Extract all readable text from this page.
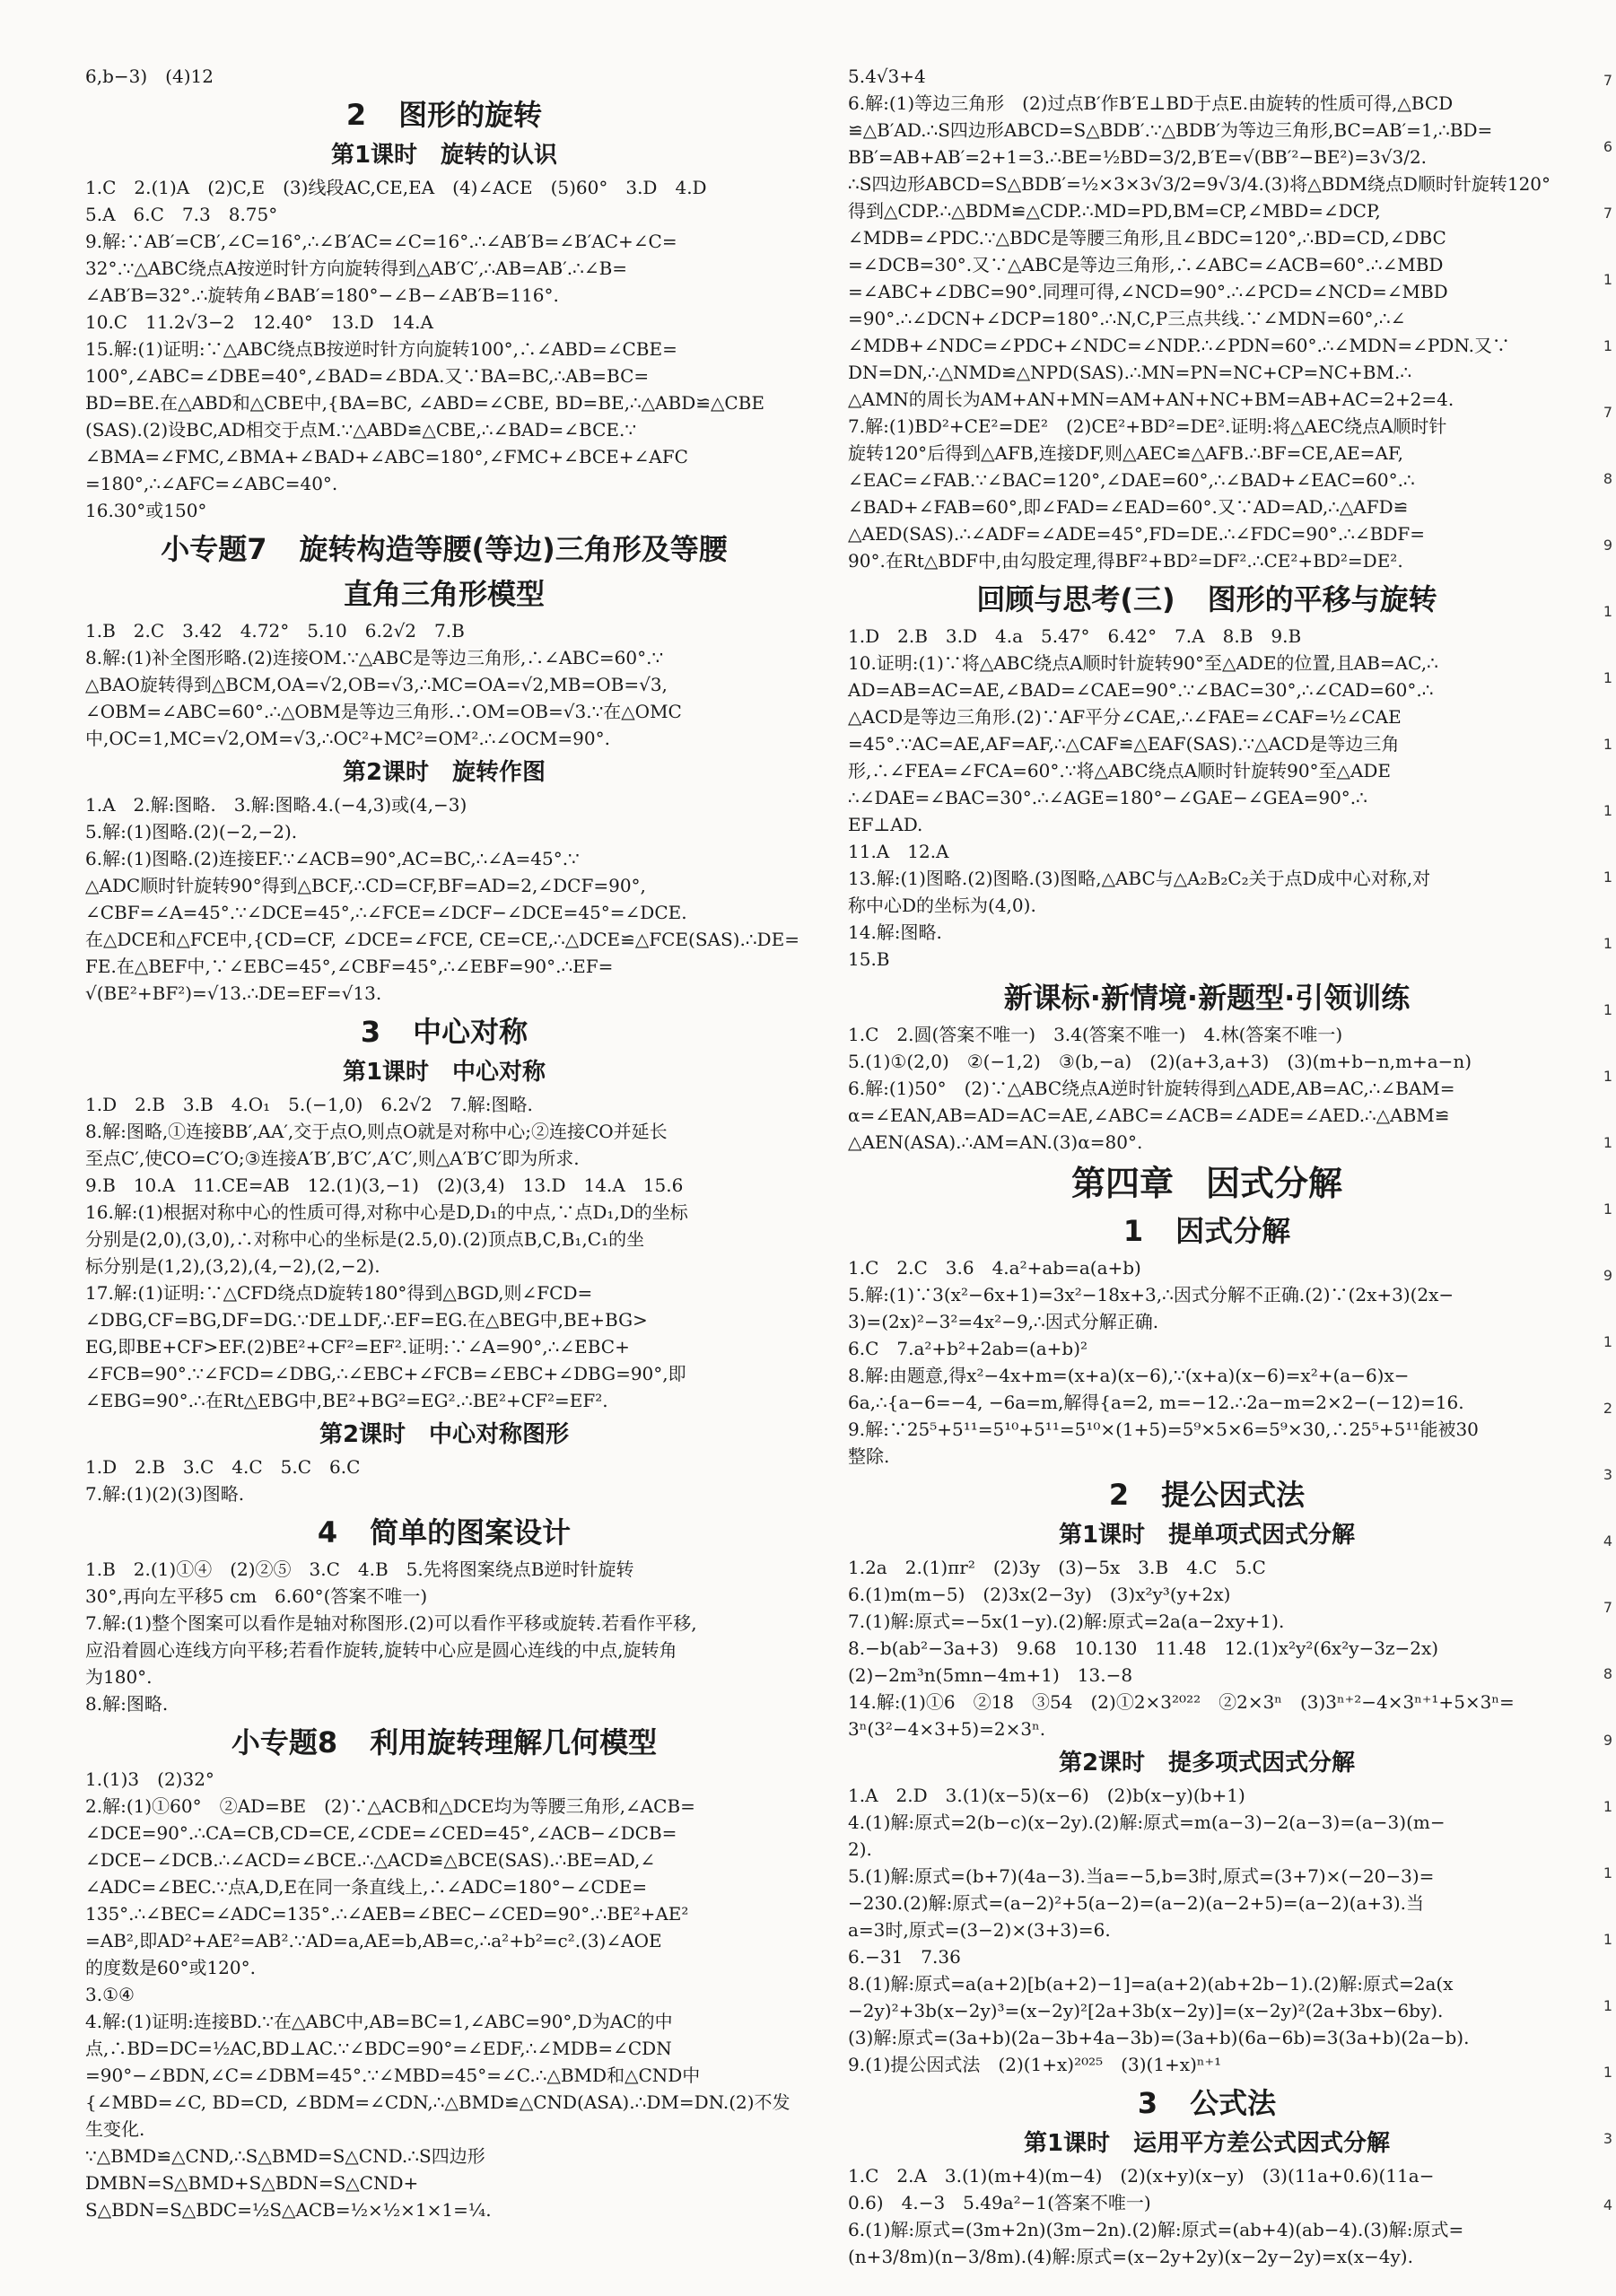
6,b−3)　(4)12

2 图形的旋转
第1课时 旋转的认识

1.C　2.(1)A　(2)C,E　(3)线段AC,CE,EA　(4)∠ACE　(5)60°　3.D　4.D

5.A　6.C　7.3　8.75°

9.解:∵AB′=CB′,∠C=16°,∴∠B′AC=∠C=16°.∴∠AB′B=∠B′AC+∠C=

32°.∵△ABC绕点A按逆时针方向旋转得到△AB′C′,∴AB=AB′.∴∠B=

∠AB′B=32°.∴旋转角∠BAB′=180°−∠B−∠AB′B=116°.

10.C　11.2√3−2　12.40°　13.D　14.A

15.解:(1)证明:∵△ABC绕点B按逆时针方向旋转100°,∴∠ABD=∠CBE=

100°,∠ABC=∠DBE=40°,∠BAD=∠BDA.又∵BA=BC,∴AB=BC=

BD=BE.在△ABD和△CBE中,{BA=BC, ∠ABD=∠CBE, BD=BE,∴△ABD≌△CBE

(SAS).(2)设BC,AD相交于点M.∵△ABD≌△CBE,∴∠BAD=∠BCE.∵

∠BMA=∠FMC,∠BMA+∠BAD+∠ABC=180°,∠FMC+∠BCE+∠AFC

=180°,∴∠AFC=∠ABC=40°.

16.30°或150°

小专题7 旋转构造等腰(等边)三角形及等腰
直角三角形模型

1.B　2.C　3.42　4.72°　5.10　6.2√2　7.B

8.解:(1)补全图形略.(2)连接OM.∵△ABC是等边三角形,∴∠ABC=60°.∵

△BAO旋转得到△BCM,OA=√2,OB=√3,∴MC=OA=√2,MB=OB=√3,

∠OBM=∠ABC=60°.∴△OBM是等边三角形.∴OM=OB=√3.∵在△OMC

中,OC=1,MC=√2,OM=√3,∴OC²+MC²=OM².∴∠OCM=90°.

第2课时 旋转作图

1.A　2.解:图略.　3.解:图略.4.(−4,3)或(4,−3)

5.解:(1)图略.(2)(−2,−2).

6.解:(1)图略.(2)连接EF.∵∠ACB=90°,AC=BC,∴∠A=45°.∵

△ADC顺时针旋转90°得到△BCF,∴CD=CF,BF=AD=2,∠DCF=90°,

∠CBF=∠A=45°.∵∠DCE=45°,∴∠FCE=∠DCF−∠DCE=45°=∠DCE.

在△DCE和△FCE中,{CD=CF, ∠DCE=∠FCE, CE=CE,∴△DCE≌△FCE(SAS).∴DE=

FE.在△BEF中,∵∠EBC=45°,∠CBF=45°,∴∠EBF=90°.∴EF=

√(BE²+BF²)=√13.∴DE=EF=√13.

3 中心对称
第1课时 中心对称

1.D　2.B　3.B　4.O₁　5.(−1,0)　6.2√2　7.解:图略.

8.解:图略,①连接BB′,AA′,交于点O,则点O就是对称中心;②连接CO并延长

至点C′,使CO=C′O;③连接A′B′,B′C′,A′C′,则△A′B′C′即为所求.

9.B　10.A　11.CE=AB　12.(1)(3,−1)　(2)(3,4)　13.D　14.A　15.6

16.解:(1)根据对称中心的性质可得,对称中心是D,D₁的中点,∵点D₁,D的坐标

分别是(2,0),(3,0),∴对称中心的坐标是(2.5,0).(2)顶点B,C,B₁,C₁的坐

标分别是(1,2),(3,2),(4,−2),(2,−2).

17.解:(1)证明:∵△CFD绕点D旋转180°得到△BGD,则∠FCD=

∠DBG,CF=BG,DF=DG.∵DE⊥DF,∴EF=EG.在△BEG中,BE+BG>

EG,即BE+CF>EF.(2)BE²+CF²=EF².证明:∵∠A=90°,∴∠EBC+

∠FCB=90°.∵∠FCD=∠DBG,∴∠EBC+∠FCB=∠EBC+∠DBG=90°,即

∠EBG=90°.∴在Rt△EBG中,BE²+BG²=EG².∴BE²+CF²=EF².

第2课时 中心对称图形

1.D　2.B　3.C　4.C　5.C　6.C

7.解:(1)(2)(3)图略.

4 简单的图案设计

1.B　2.(1)①④　(2)②⑤　3.C　4.B　5.先将图案绕点B逆时针旋转

30°,再向左平移5 cm　6.60°(答案不唯一)

7.解:(1)整个图案可以看作是轴对称图形.(2)可以看作平移或旋转.若看作平移,

应沿着圆心连线方向平移;若看作旋转,旋转中心应是圆心连线的中点,旋转角

为180°.

8.解:图略.

小专题8 利用旋转理解几何模型

1.(1)3　(2)32°

2.解:(1)①60°　②AD=BE　(2)∵△ACB和△DCE均为等腰三角形,∠ACB=

∠DCE=90°.∴CA=CB,CD=CE,∠CDE=∠CED=45°,∠ACB−∠DCB=

∠DCE−∠DCB.∴∠ACD=∠BCE.∴△ACD≌△BCE(SAS).∴BE=AD,∠

∠ADC=∠BEC.∵点A,D,E在同一条直线上,∴∠ADC=180°−∠CDE=

135°.∴∠BEC=∠ADC=135°.∴∠AEB=∠BEC−∠CED=90°.∴BE²+AE²

=AB²,即AD²+AE²=AB².∵AD=a,AE=b,AB=c,∴a²+b²=c².(3)∠AOE

的度数是60°或120°.

3.①④

4.解:(1)证明:连接BD.∵在△ABC中,AB=BC=1,∠ABC=90°,D为AC的中

点,∴BD=DC=½AC,BD⊥AC.∵∠BDC=90°=∠EDF,∴∠MDB=∠CDN

=90°−∠BDN,∠C=∠DBM=45°.∵∠MBD=45°=∠C.∴△BMD和△CND中

{∠MBD=∠C, BD=CD, ∠BDM=∠CDN,∴△BMD≌△CND(ASA).∴DM=DN.(2)不发生变化.

∵△BMD≌△CND,∴S△BMD=S△CND.∴S四边形DMBN=S△BMD+S△BDN=S△CND+

S△BDN=S△BDC=½S△ACB=½×½×1×1=¼.

5.4√3+4

6.解:(1)等边三角形　(2)过点B′作B′E⊥BD于点E.由旋转的性质可得,△BCD

≌△B′AD.∴S四边形ABCD=S△BDB′.∵△BDB′为等边三角形,BC=AB′=1,∴BD=

BB′=AB+AB′=2+1=3.∴BE=½BD=3/2,B′E=√(BB′²−BE²)=3√3/2.

∴S四边形ABCD=S△BDB′=½×3×3√3/2=9√3/4.(3)将△BDM绕点D顺时针旋转120°

得到△CDP.∴△BDM≌△CDP.∴MD=PD,BM=CP,∠MBD=∠DCP,

∠MDB=∠PDC.∵△BDC是等腰三角形,且∠BDC=120°,∴BD=CD,∠DBC

=∠DCB=30°.又∵△ABC是等边三角形,∴∠ABC=∠ACB=60°.∴∠MBD

=∠ABC+∠DBC=90°.同理可得,∠NCD=90°.∴∠PCD=∠NCD=∠MBD

=90°.∴∠DCN+∠DCP=180°.∴N,C,P三点共线.∵∠MDN=60°,∴∠

∠MDB+∠NDC=∠PDC+∠NDC=∠NDP.∴∠PDN=60°.∴∠MDN=∠PDN.又∵

DN=DN,∴△NMD≌△NPD(SAS).∴MN=PN=NC+CP=NC+BM.∴

△AMN的周长为AM+AN+MN=AM+AN+NC+BM=AB+AC=2+2=4.

7.解:(1)BD²+CE²=DE²　(2)CE²+BD²=DE².证明:将△AEC绕点A顺时针

旋转120°后得到△AFB,连接DF,则△AEC≌△AFB.∴BF=CE,AE=AF,

∠EAC=∠FAB.∵∠BAC=120°,∠DAE=60°,∴∠BAD+∠EAC=60°.∴

∠BAD+∠FAB=60°,即∠FAD=∠EAD=60°.又∵AD=AD,∴△AFD≌

△AED(SAS).∴∠ADF=∠ADE=45°,FD=DE.∴∠FDC=90°.∴∠BDF=

90°.在Rt△BDF中,由勾股定理,得BF²+BD²=DF².∴CE²+BD²=DE².

回顾与思考(三) 图形的平移与旋转

1.D　2.B　3.D　4.a　5.47°　6.42°　7.A　8.B　9.B

10.证明:(1)∵将△ABC绕点A顺时针旋转90°至△ADE的位置,且AB=AC,∴

AD=AB=AC=AE,∠BAD=∠CAE=90°.∵∠BAC=30°,∴∠CAD=60°.∴

△ACD是等边三角形.(2)∵AF平分∠CAE,∴∠FAE=∠CAF=½∠CAE

=45°.∵AC=AE,AF=AF,∴△CAF≌△EAF(SAS).∵△ACD是等边三角

形,∴∠FEA=∠FCA=60°.∵将△ABC绕点A顺时针旋转90°至△ADE

∴∠DAE=∠BAC=30°.∴∠AGE=180°−∠GAE−∠GEA=90°.∴

EF⊥AD.

11.A　12.A

13.解:(1)图略.(2)图略.(3)图略,△ABC与△A₂B₂C₂关于点D成中心对称,对

称中心D的坐标为(4,0).

14.解:图略.

15.B

新课标·新情境·新题型·引领训练

1.C　2.圆(答案不唯一)　3.4(答案不唯一)　4.林(答案不唯一)

5.(1)①(2,0)　②(−1,2)　③(b,−a)　(2)(a+3,a+3)　(3)(m+b−n,m+a−n)

6.解:(1)50°　(2)∵△ABC绕点A逆时针旋转得到△ADE,AB=AC,∴∠BAM=

α=∠EAN,AB=AD=AC=AE,∠ABC=∠ACB=∠ADE=∠AED.∴△ABM≌

△AEN(ASA).∴AM=AN.(3)α=80°.

第四章 因式分解
1 因式分解

1.C　2.C　3.6　4.a²+ab=a(a+b)

5.解:(1)∵3(x²−6x+1)=3x²−18x+3,∴因式分解不正确.(2)∵(2x+3)(2x−

3)=(2x)²−3²=4x²−9,∴因式分解正确.

6.C　7.a²+b²+2ab=(a+b)²

8.解:由题意,得x²−4x+m=(x+a)(x−6),∵(x+a)(x−6)=x²+(a−6)x−

6a,∴{a−6=−4, −6a=m,解得{a=2, m=−12.∴2a−m=2×2−(−12)=16.

9.解:∵25⁵+5¹¹=5¹⁰+5¹¹=5¹⁰×(1+5)=5⁹×5×6=5⁹×30,∴25⁵+5¹¹能被30

整除.

2 提公因式法
第1课时 提单项式因式分解

1.2a　2.(1)πr²　(2)3y　(3)−5x　3.B　4.C　5.C

6.(1)m(m−5)　(2)3x(2−3y)　(3)x²y³(y+2x)

7.(1)解:原式=−5x(1−y).(2)解:原式=2a(a−2xy+1).

8.−b(ab²−3a+3)　9.68　10.130　11.48　12.(1)x²y²(6x²y−3z−2x)

(2)−2m³n(5mn−4m+1)　13.−8

14.解:(1)①6　②18　③54　(2)①2×3²⁰²²　②2×3ⁿ　(3)3ⁿ⁺²−4×3ⁿ⁺¹+5×3ⁿ=

3ⁿ(3²−4×3+5)=2×3ⁿ.

第2课时 提多项式因式分解

1.A　2.D　3.(1)(x−5)(x−6)　(2)b(x−y)(b+1)

4.(1)解:原式=2(b−c)(x−2y).(2)解:原式=m(a−3)−2(a−3)=(a−3)(m−

2).

5.(1)解:原式=(b+7)(4a−3).当a=−5,b=3时,原式=(3+7)×(−20−3)=

−230.(2)解:原式=(a−2)²+5(a−2)=(a−2)(a−2+5)=(a−2)(a+3).当

a=3时,原式=(3−2)×(3+3)=6.

6.−31　7.36

8.(1)解:原式=a(a+2)[b(a+2)−1]=a(a+2)(ab+2b−1).(2)解:原式=2a(x

−2y)²+3b(x−2y)³=(x−2y)²[2a+3b(x−2y)]=(x−2y)²(2a+3bx−6by).

(3)解:原式=(3a+b)(2a−3b+4a−3b)=(3a+b)(6a−6b)=3(3a+b)(2a−b).

9.(1)提公因式法　(2)(1+x)²⁰²⁵　(3)(1+x)ⁿ⁺¹

3 公式法
第1课时 运用平方差公式因式分解

1.C　2.A　3.(1)(m+4)(m−4)　(2)(x+y)(x−y)　(3)(11a+0.6)(11a−

0.6)　4.−3　5.49a²−1(答案不唯一)

6.(1)解:原式=(3m+2n)(3m−2n).(2)解:原式=(ab+4)(ab−4).(3)解:原式=

(n+3/8m)(n−3/8m).(4)解:原式=(x−2y+2y)(x−2y−2y)=x(x−4y).

7
6
7
1
1
7
8
9
1
1
1
1
1
1
1
1
1
1
9
1
2
3
4
7
8
9
1
1
1
1
1
3
4
